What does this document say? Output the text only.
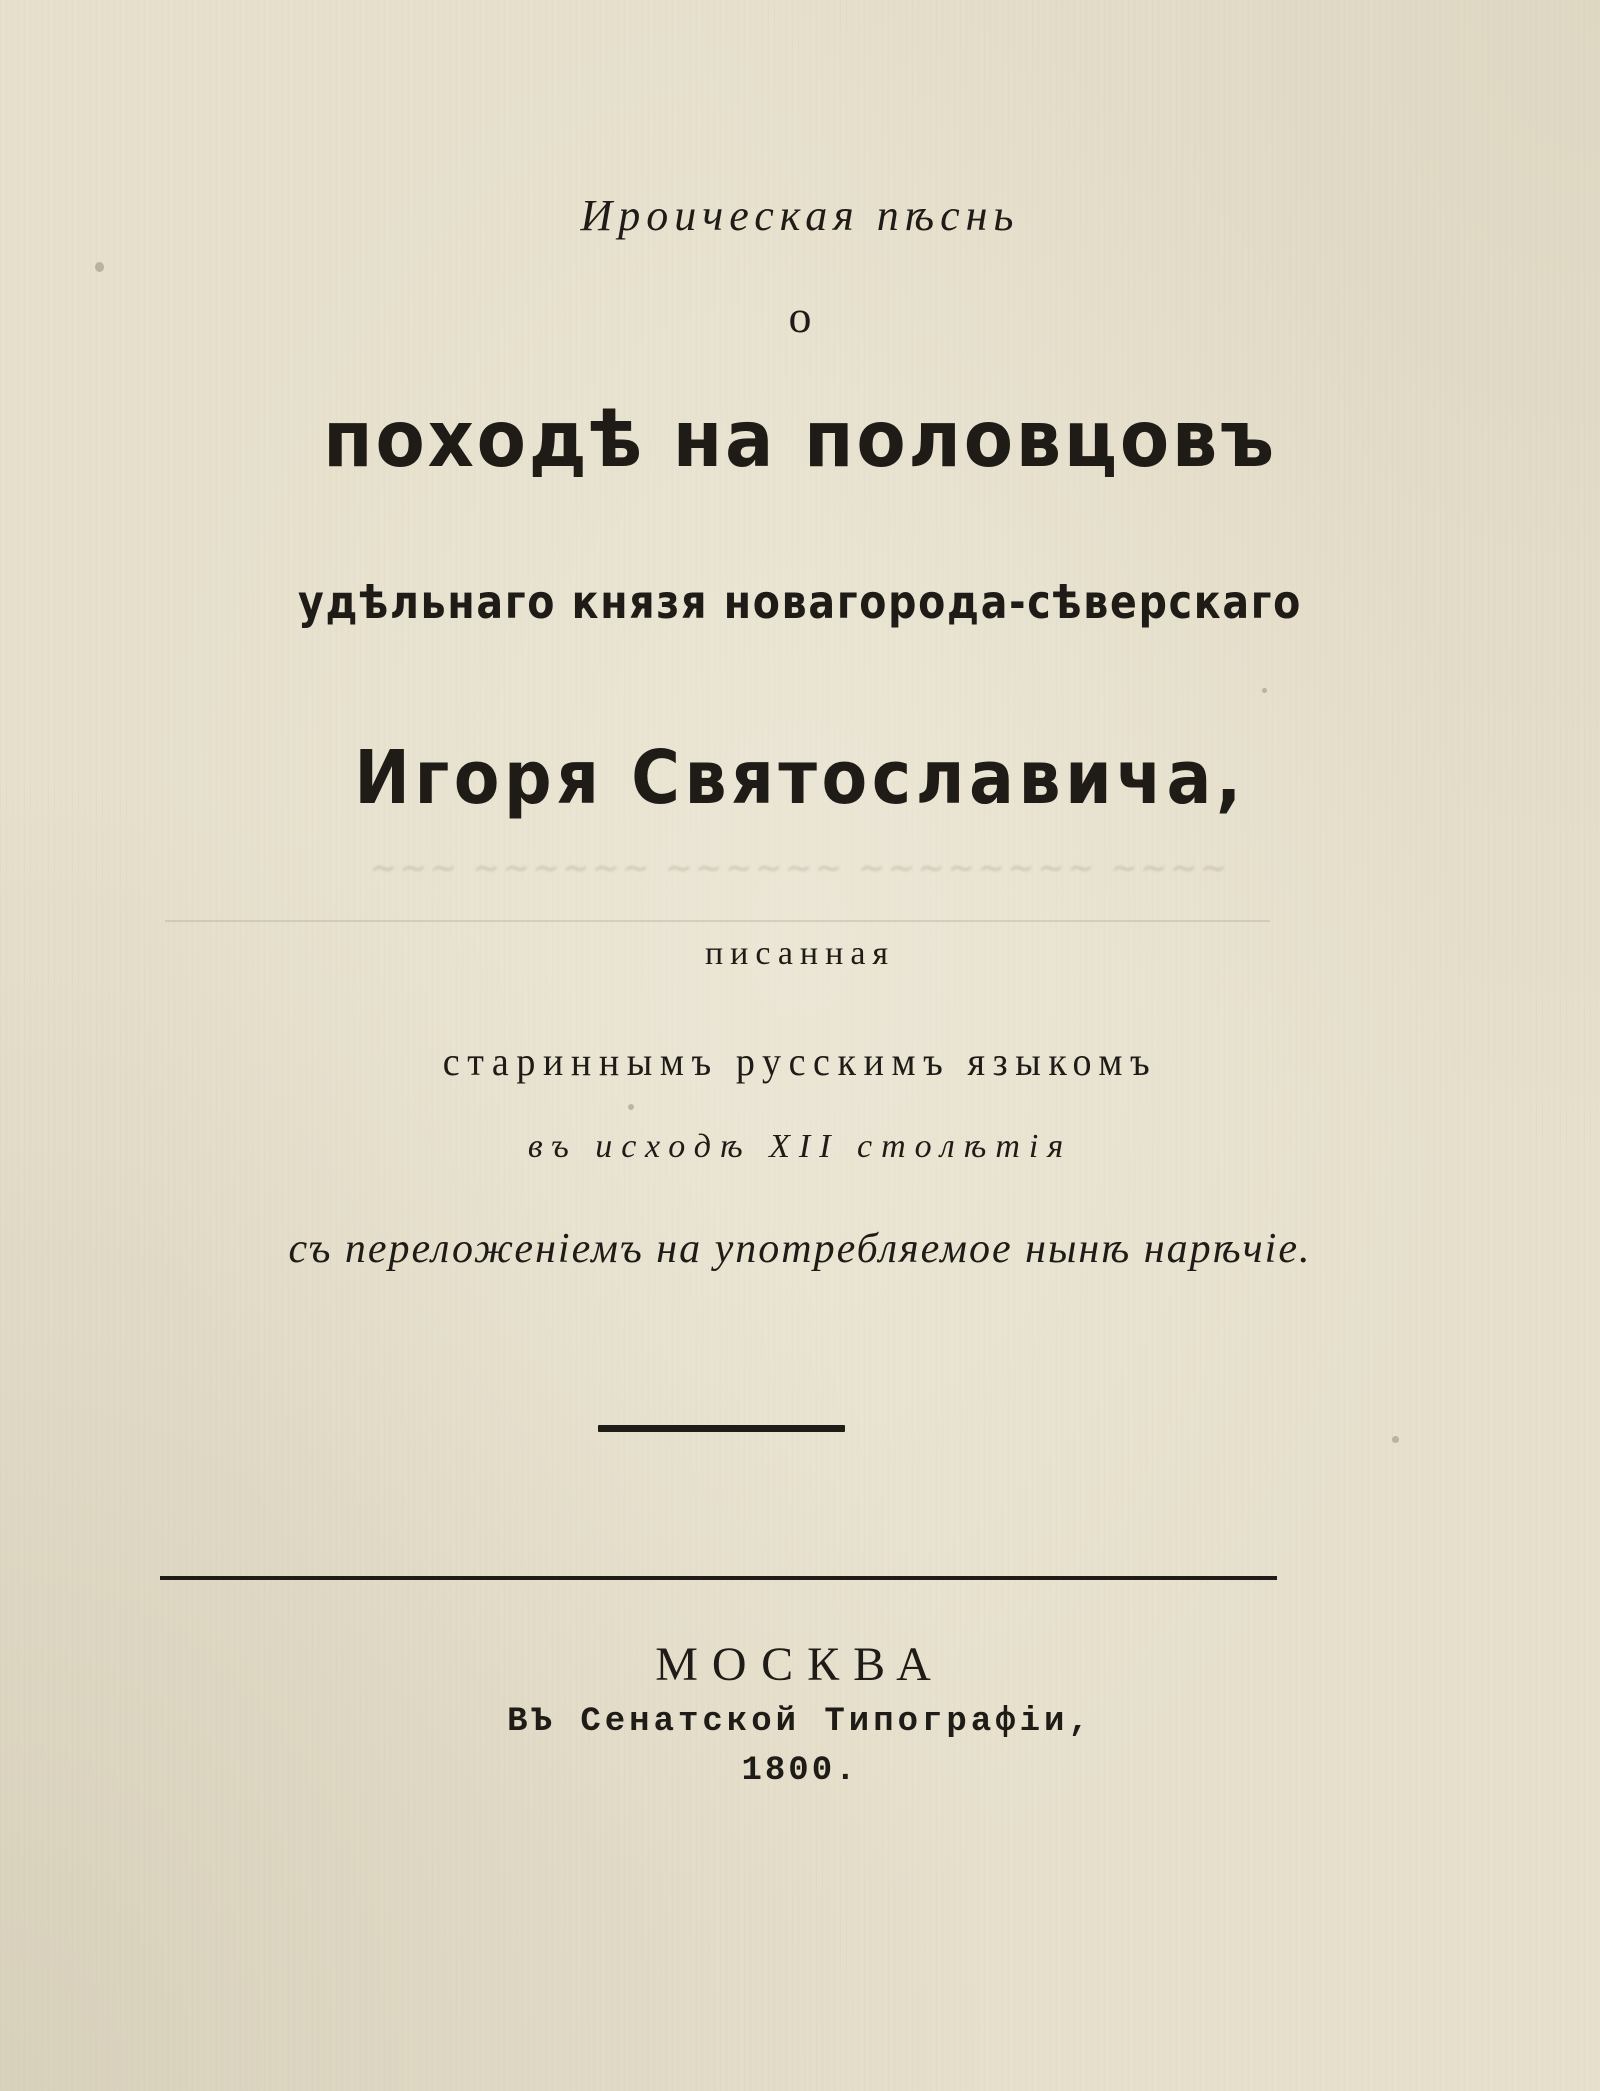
Ироическая пѣснь
о
походѣ на половцовъ
удѣльнаго князя новагорода-сѣверскаго
Игоря Святославича,
~~~ ~~~~~~ ~~~~~~ ~~~~~~~~ ~~~~
писанная
стариннымъ русскимъ языкомъ
въ исходѣ XII столѣтія
съ переложеніемъ на употребляемое нынѣ нарѣчіе.
МОСКВА
ВЪ Сенатской Типографіи,
1800.
